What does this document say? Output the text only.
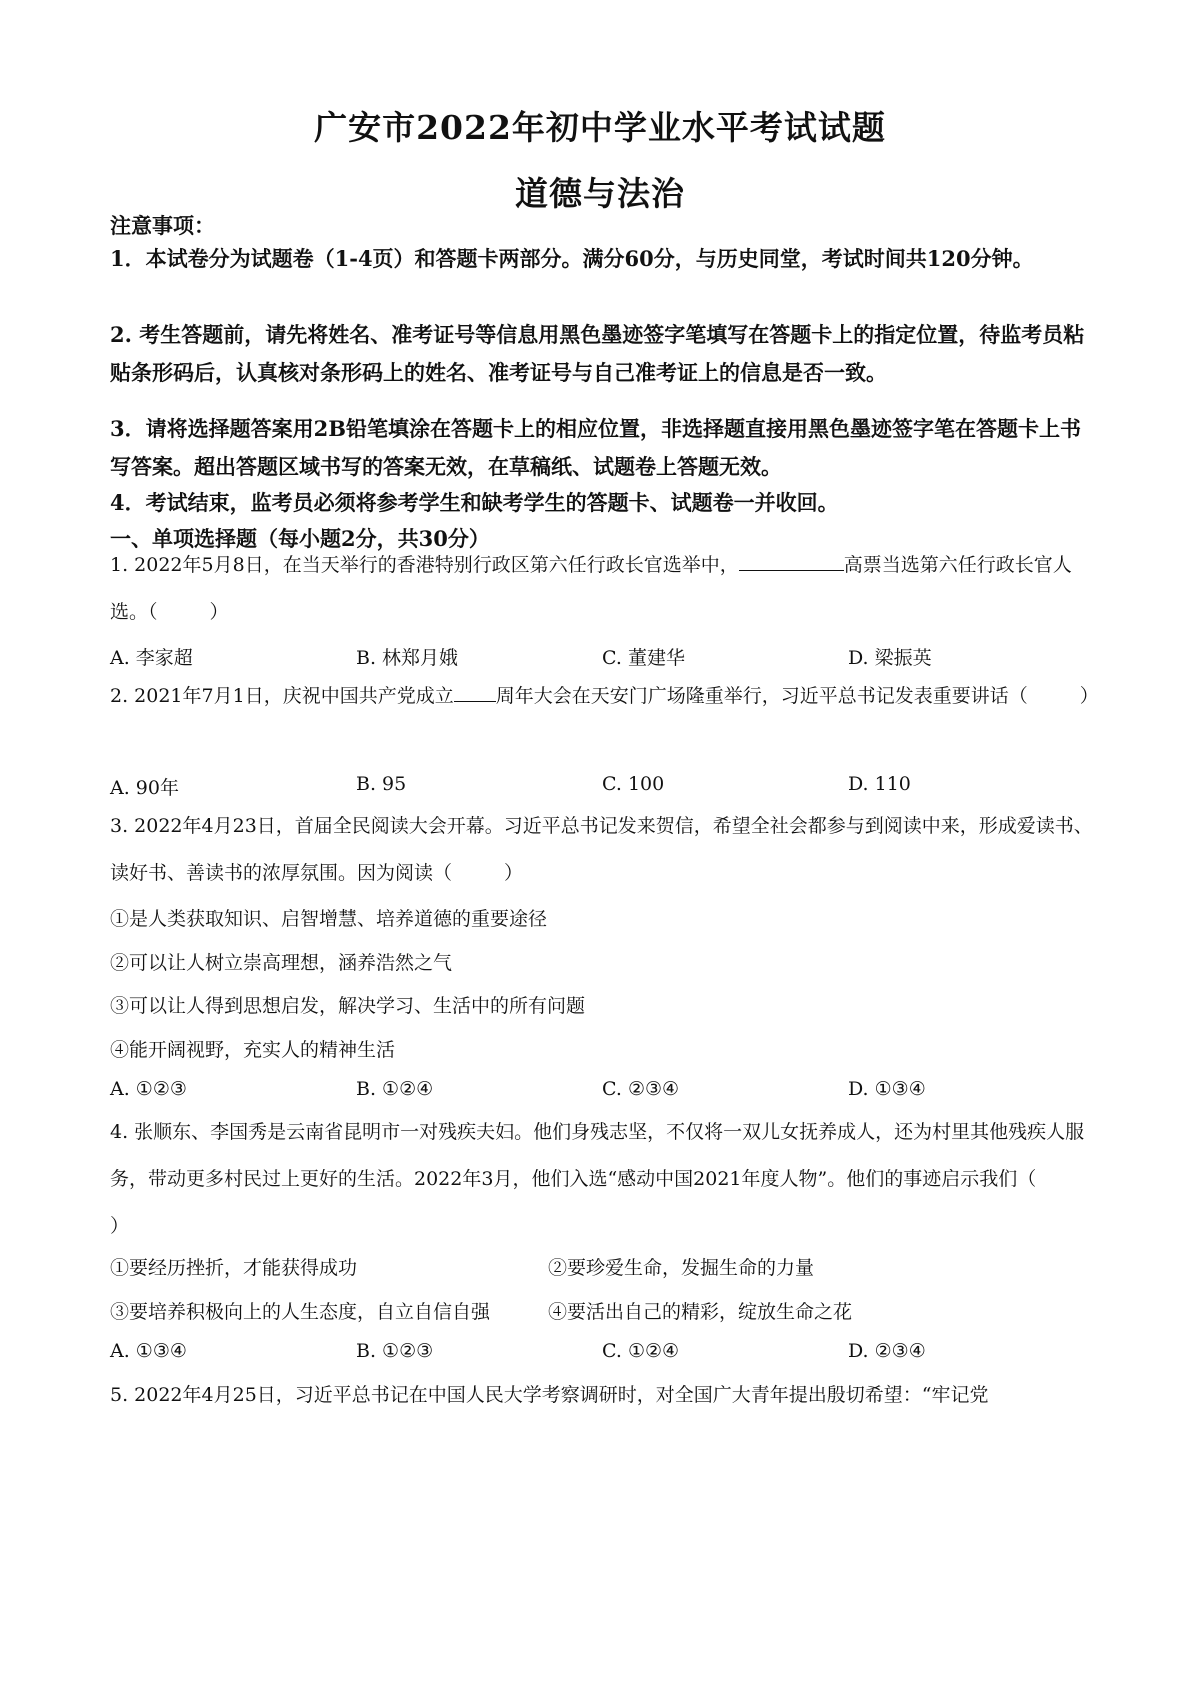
广安市2022年初中学业水平考试试题
道德与法治
注意事项：
1．本试卷分为试题卷（1-4页）和答题卡两部分。满分60分，与历史同堂，考试时间共120分钟。
2. 考生答题前，请先将姓名、准考证号等信息用黑色墨迹签字笔填写在答题卡上的指定位置，待监考员粘贴条形码后，认真核对条形码上的姓名、准考证号与自己准考证上的信息是否一致。
3．请将选择题答案用2B铅笔填涂在答题卡上的相应位置，非选择题直接用黑色墨迹签字笔在答题卡上书写答案。超出答题区域书写的答案无效，在草稿纸、试题卷上答题无效。
4．考试结束，监考员必须将参考学生和缺考学生的答题卡、试题卷一并收回。
一、单项选择题（每小题2分，共30分）
1. 2022年5月8日，在当天举行的香港特别行政区第六任行政长官选举中，	高票当选第六任行政长官人选。（	）
A. 李家超	B. 林郑月娥	C. 董建华	D. 梁振英
2. 2021年7月1日，庆祝中国共产党成立 周年大会在天安门广场隆重举行，习近平总书记发表重要讲话（	）
A. 90年	B. 95	C. 100	D. 110
3. 2022年4月23日，首届全民阅读大会开幕。习近平总书记发来贺信，希望全社会都参与到阅读中来，形成爱读书、读好书、善读书的浓厚氛围。因为阅读（	）
①是人类获取知识、启智增慧、培养道德的重要途径
②可以让人树立崇高理想，涵养浩然之气
③可以让人得到思想启发，解决学习、生活中的所有问题
④能开阔视野，充实人的精神生活
A. ①②③	B. ①②④	C. ②③④	D. ①③④
4. 张顺东、李国秀是云南省昆明市一对残疾夫妇。他们身残志坚，不仅将一双儿女抚养成人，还为村里其他残疾人服务，带动更多村民过上更好的生活。2022年3月，他们入选“感动中国2021年度人物”。他们的事迹启示我们（）
①要经历挫折，才能获得成功	②要珍爱生命，发掘生命的力量
③要培养积极向上的人生态度，自立自信自强	④要活出自己的精彩，绽放生命之花
A. ①③④	B. ①②③	C. ①②④	D. ②③④
5. 2022年4月25日，习近平总书记在中国人民大学考察调研时，对全国广大青年提出殷切希望：“牢记党
